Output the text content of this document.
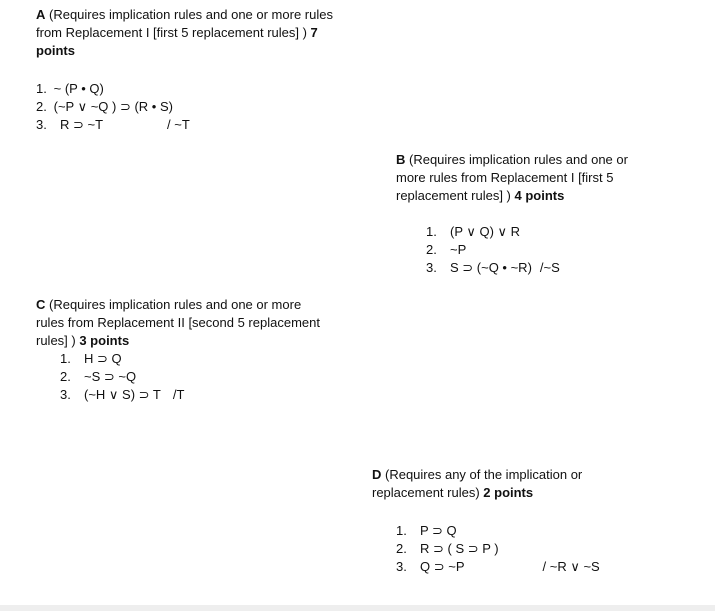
A (Requires implication rules and one or more rules from Replacement I [first 5 replacement rules] ) 7 points

1. ~ (P • Q)
2. (~P ∨ ~Q ) ⊃ (R • S)
3.	R ⊃ ~T	/ ~T

B (Requires implication rules and one or more rules from Replacement I [first 5 replacement rules] ) 4 points

1.	(P ∨ Q) ∨ R
2.	~P
3.	S ⊃ (~Q • ~R) /~S

C (Requires implication rules and one or more rules from Replacement II [second 5 replacement rules] ) 3 points

1.	H ⊃ Q
2.	~S ⊃ ~Q
3.	(~H ∨ S) ⊃ T /T

D (Requires any of the implication or replacement rules) 2 points

1.	P ⊃ Q
2.	R ⊃ ( S ⊃ P )
3.	Q ⊃ ~P	/ ~R ∨ ~S
